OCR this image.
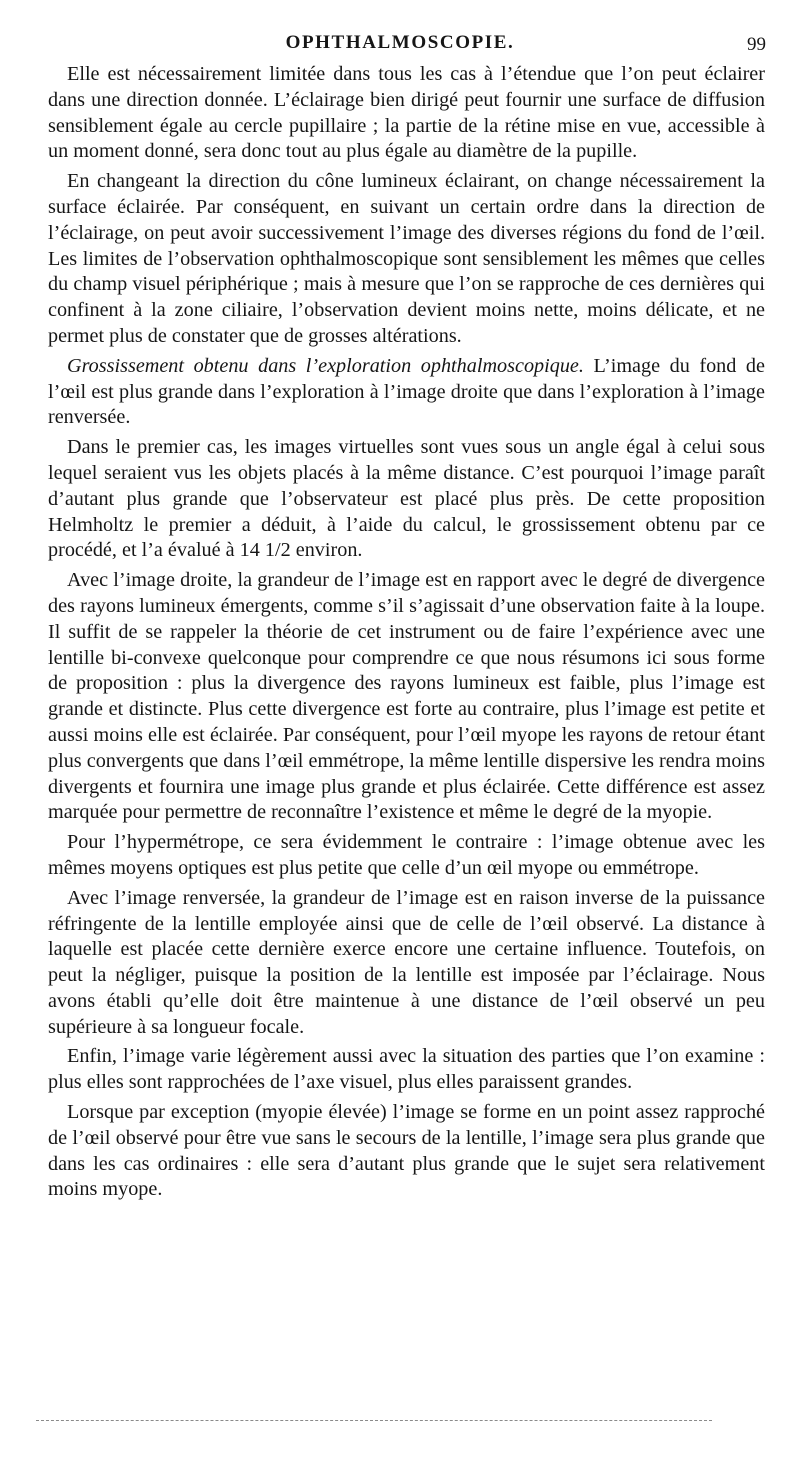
OPHTHALMOSCOPIE.	99

Elle est nécessairement limitée dans tous les cas à l’étendue que l’on peut éclairer dans une direction donnée. L’éclairage bien dirigé peut fournir une surface de diffusion sensiblement égale au cercle pupillaire ; la partie de la rétine mise en vue, accessible à un moment donné, sera donc tout au plus égale au diamètre de la pupille.

En changeant la direction du cône lumineux éclairant, on change nécessairement la surface éclairée. Par conséquent, en suivant un certain ordre dans la direction de l’éclairage, on peut avoir successivement l’image des diverses régions du fond de l’œil. Les limites de l’observation ophthalmoscopique sont sensiblement les mêmes que celles du champ visuel périphérique ; mais à mesure que l’on se rapproche de ces dernières qui confinent à la zone ciliaire, l’observation devient moins nette, moins délicate, et ne permet plus de constater que de grosses altérations.

Grossissement obtenu dans l’exploration ophthalmoscopique. L’image du fond de l’œil est plus grande dans l’exploration à l’image droite que dans l’exploration à l’image renversée.

Dans le premier cas, les images virtuelles sont vues sous un angle égal à celui sous lequel seraient vus les objets placés à la même distance. C’est pourquoi l’image paraît d’autant plus grande que l’observateur est placé plus près. De cette proposition Helmholtz le premier a déduit, à l’aide du calcul, le grossissement obtenu par ce procédé, et l’a évalué à 14 1/2 environ.

Avec l’image droite, la grandeur de l’image est en rapport avec le degré de divergence des rayons lumineux émergents, comme s’il s’agissait d’une observation faite à la loupe. Il suffit de se rappeler la théorie de cet instrument ou de faire l’expérience avec une lentille bi-convexe quelconque pour comprendre ce que nous résumons ici sous forme de proposition : plus la divergence des rayons lumineux est faible, plus l’image est grande et distincte. Plus cette divergence est forte au contraire, plus l’image est petite et aussi moins elle est éclairée. Par conséquent, pour l’œil myope les rayons de retour étant plus convergents que dans l’œil emmétrope, la même lentille dispersive les rendra moins divergents et fournira une image plus grande et plus éclairée. Cette différence est assez marquée pour permettre de reconnaître l’existence et même le degré de la myopie.

Pour l’hypermétrope, ce sera évidemment le contraire : l’image obtenue avec les mêmes moyens optiques est plus petite que celle d’un œil myope ou emmétrope.

Avec l’image renversée, la grandeur de l’image est en raison inverse de la puissance réfringente de la lentille employée ainsi que de celle de l’œil observé. La distance à laquelle est placée cette dernière exerce encore une certaine influence. Toutefois, on peut la négliger, puisque la position de la lentille est imposée par l’éclairage. Nous avons établi qu’elle doit être maintenue à une distance de l’œil observé un peu supérieure à sa longueur focale.

Enfin, l’image varie légèrement aussi avec la situation des parties que l’on examine : plus elles sont rapprochées de l’axe visuel, plus elles paraissent grandes.

Lorsque par exception (myopie élevée) l’image se forme en un point assez rapproché de l’œil observé pour être vue sans le secours de la lentille, l’image sera plus grande que dans les cas ordinaires : elle sera d’autant plus grande que le sujet sera relativement moins myope.
